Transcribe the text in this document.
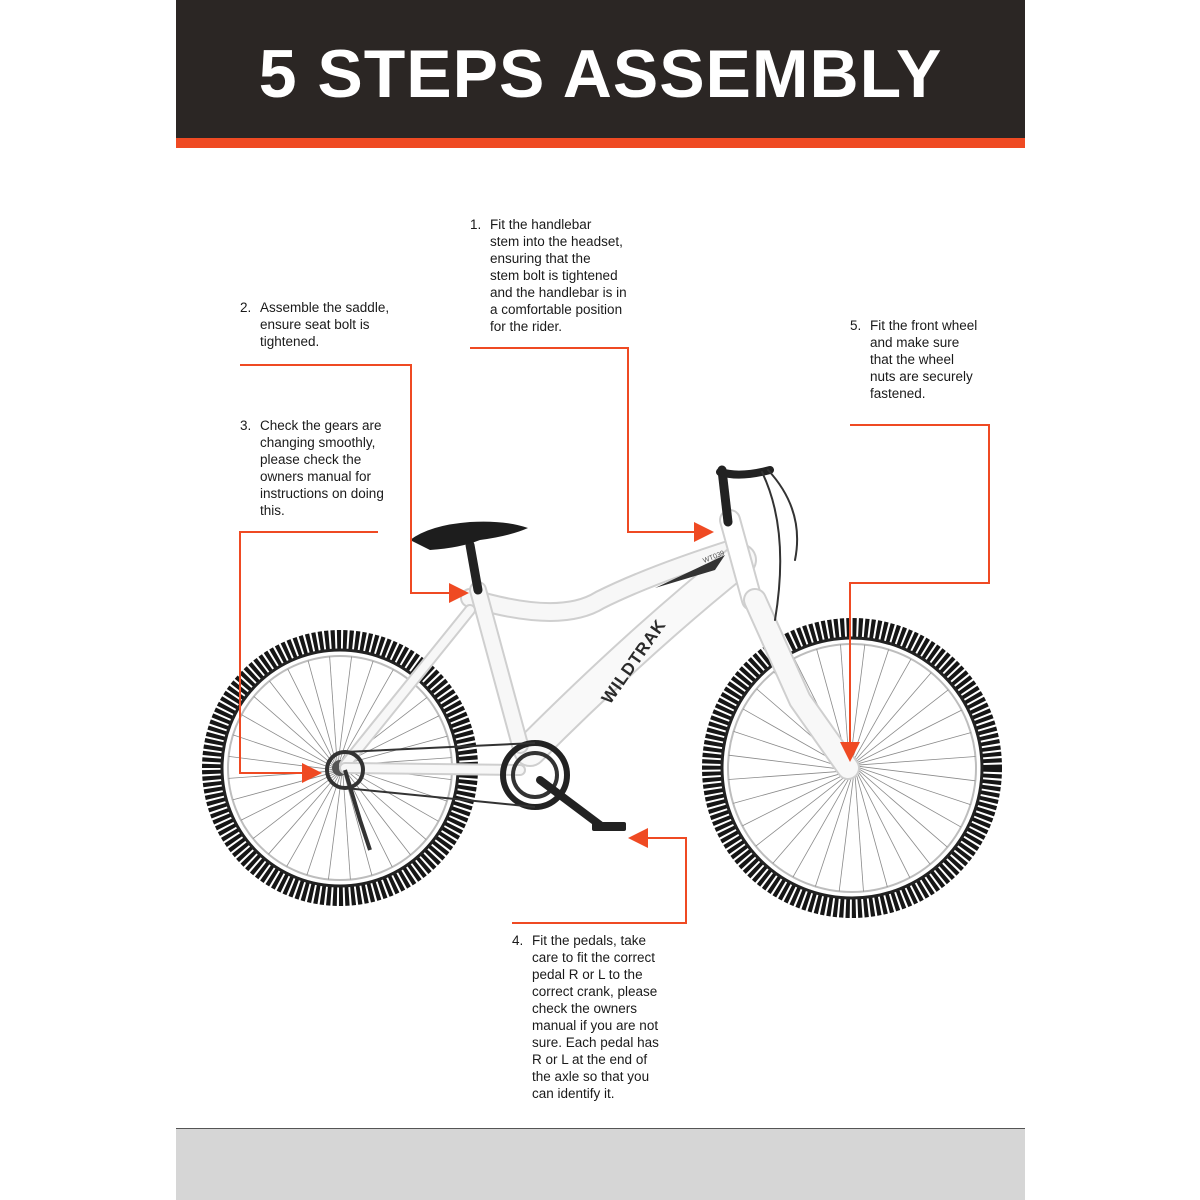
5 STEPS ASSEMBLY
WT039
WILDTRAK
1. Fit the handlebar
stem into the headset,
ensuring that the
stem bolt is tightened
and the handlebar is in
a comfortable position
for the rider.
2. Assemble the saddle,
ensure seat bolt is
tightened.
3. Check the gears are
changing smoothly,
please check the
owners manual for
instructions on doing
this.
4. Fit the pedals, take
care to fit the correct
pedal R or L to the
correct crank, please
check the owners
manual if you are not
sure. Each pedal has
R or L at the end of
the axle so that you
can identify it.
5. Fit the front wheel
and make sure
that the wheel
nuts are securely
fastened.
